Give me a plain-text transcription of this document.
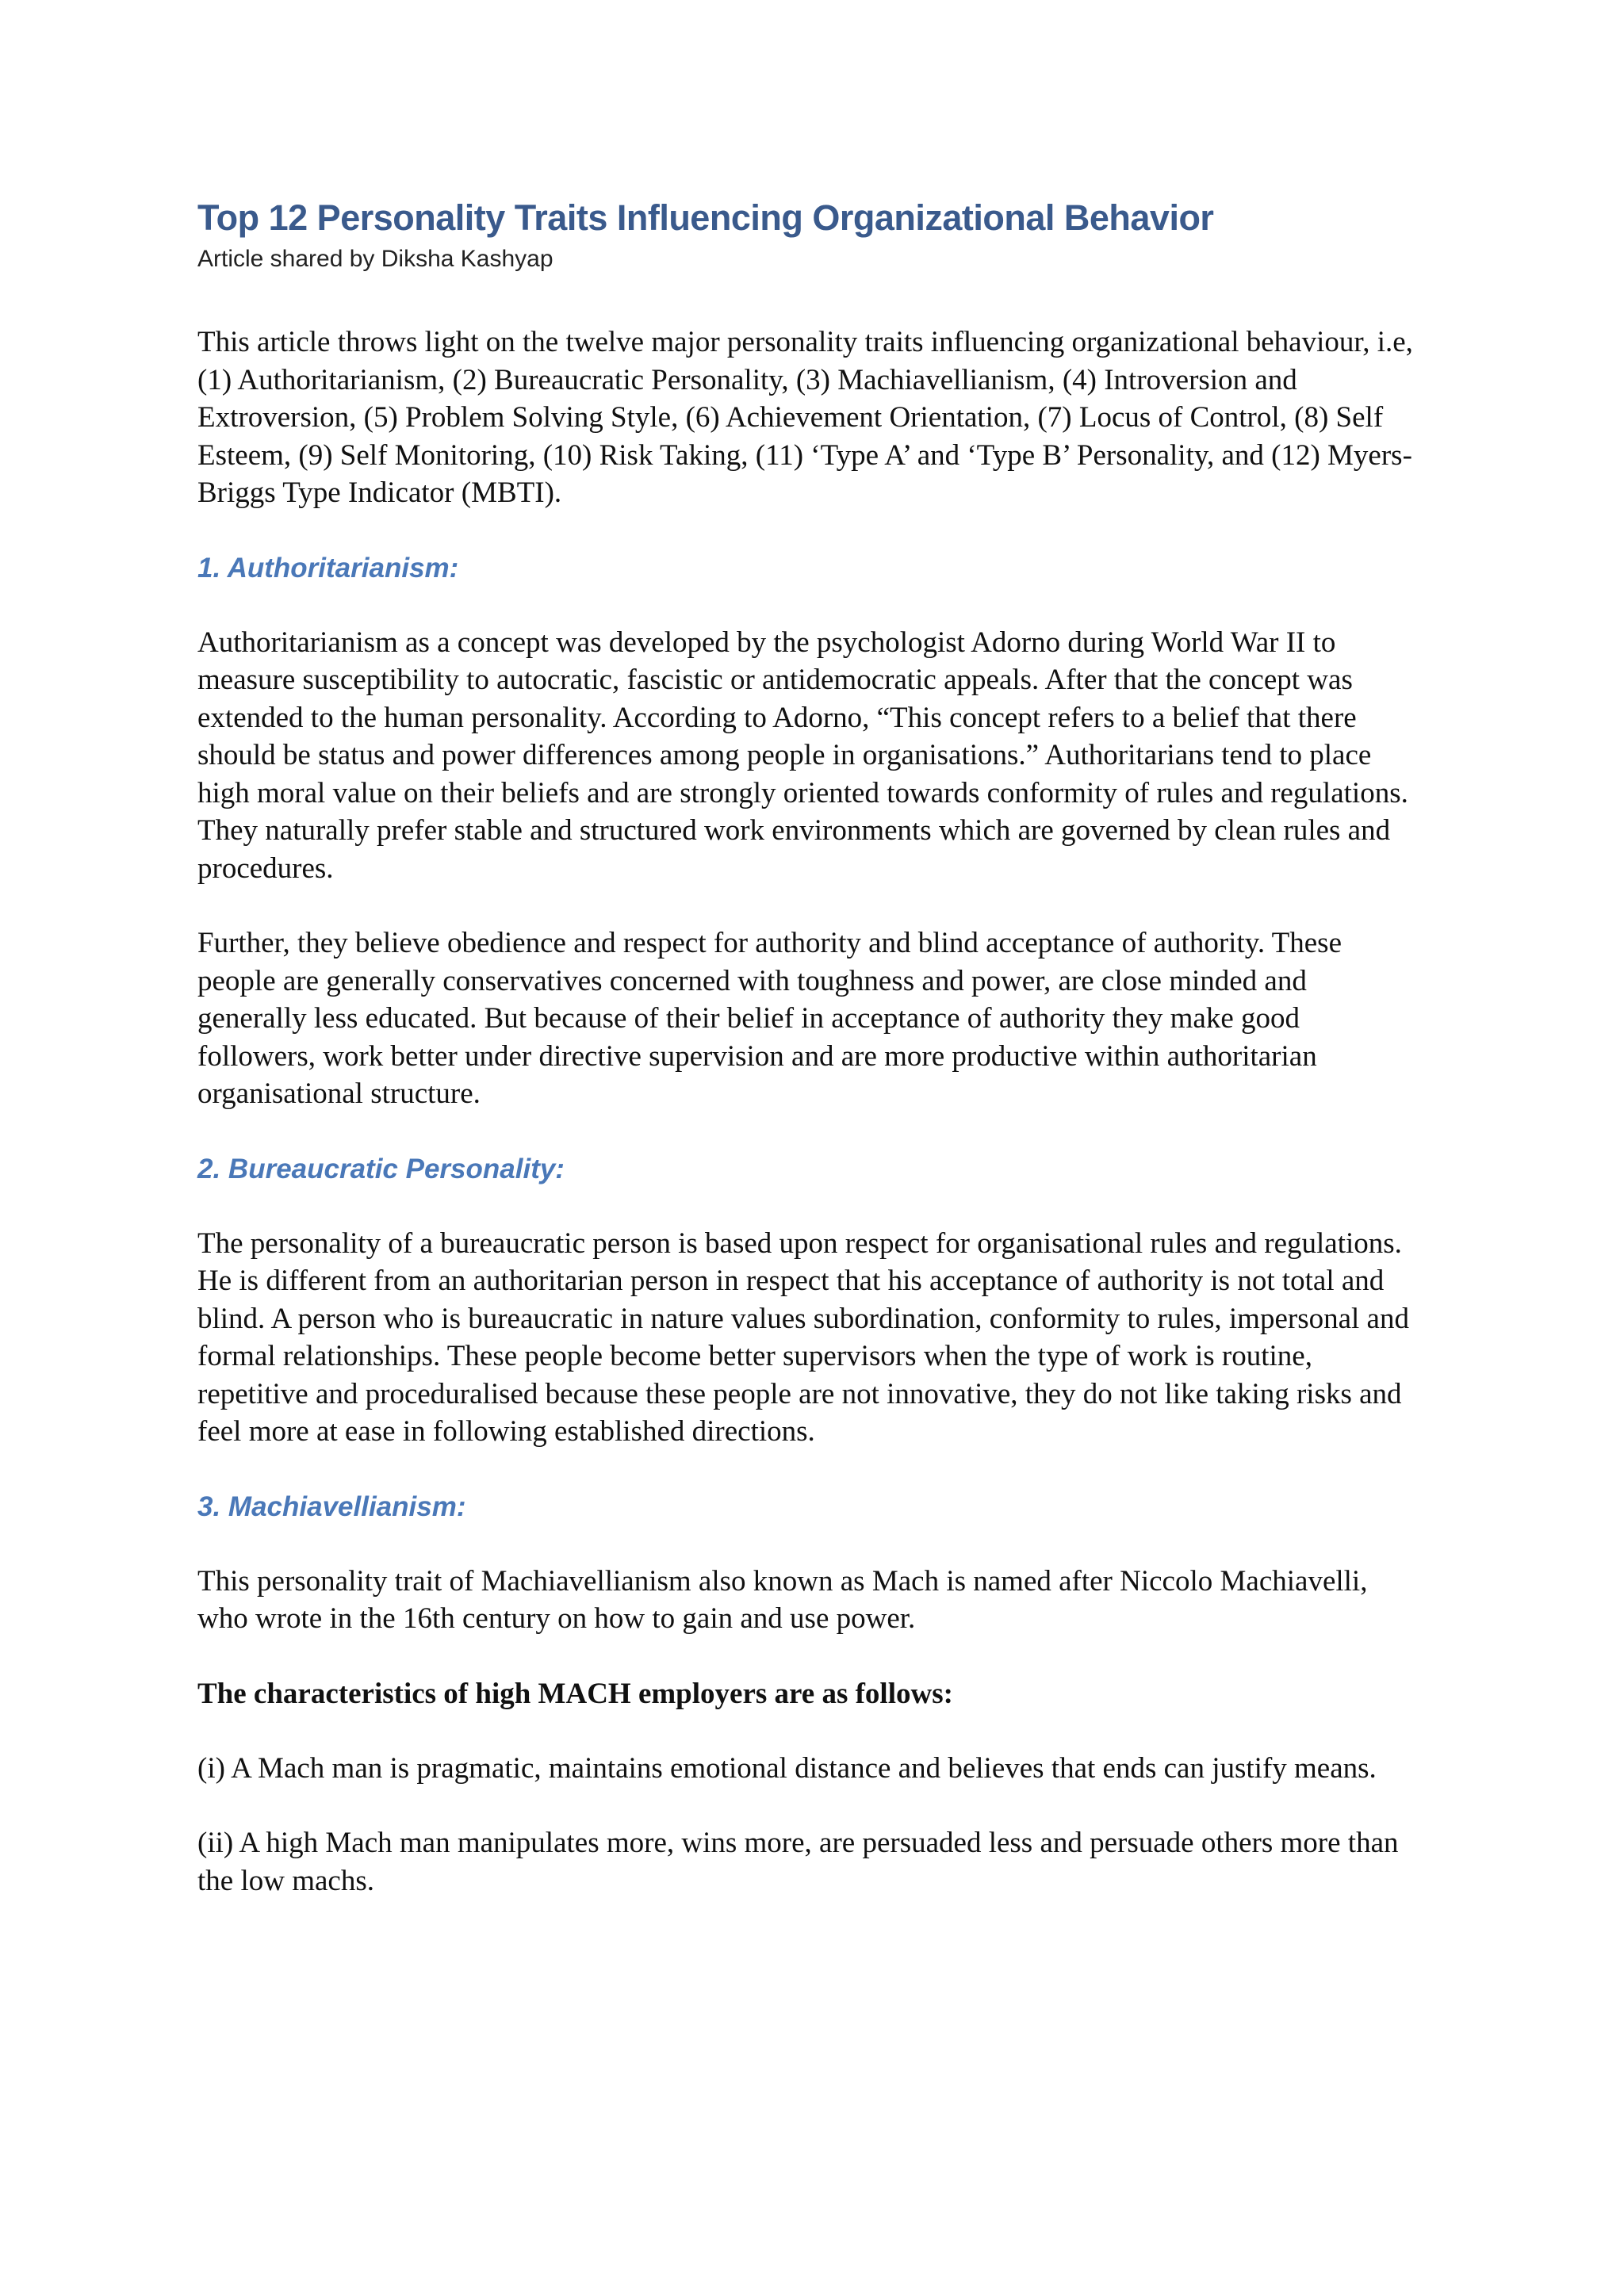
Top 12 Personality Traits Influencing Organizational Behavior
Article shared by Diksha Kashyap

This article throws light on the twelve major personality traits influencing organizational behaviour, i.e, (1) Authoritarianism, (2) Bureaucratic Personality, (3) Machiavellianism, (4) Introversion and Extroversion, (5) Problem Solving Style, (6) Achievement Orientation, (7) Locus of Control, (8) Self Esteem, (9) Self Monitoring, (10) Risk Taking, (11) ‘Type A’ and ‘Type B’ Personality, and (12) Myers-Briggs Type Indicator (MBTI).

1. Authoritarianism:

Authoritarianism as a concept was developed by the psychologist Adorno during World War II to measure susceptibility to autocratic, fascistic or antidemocratic appeals. After that the concept was extended to the human personality. According to Adorno, “This concept refers to a belief that there should be status and power differences among people in organisations.” Authoritarians tend to place high moral value on their beliefs and are strongly oriented towards conformity of rules and regulations. They naturally prefer stable and structured work environments which are governed by clean rules and procedures.

Further, they believe obedience and respect for authority and blind acceptance of authority. These people are generally conservatives concerned with toughness and power, are close minded and generally less educated. But because of their belief in acceptance of authority they make good followers, work better under directive supervision and are more productive within authoritarian organisational structure.

2. Bureaucratic Personality:

The personality of a bureaucratic person is based upon respect for organisational rules and regulations. He is different from an authoritarian person in respect that his acceptance of authority is not total and blind. A person who is bureaucratic in nature values subordination, conformity to rules, impersonal and formal relationships. These people become better supervisors when the type of work is routine, repetitive and proceduralised because these people are not innovative, they do not like taking risks and feel more at ease in following established directions.

3. Machiavellianism:

This personality trait of Machiavellianism also known as Mach is named after Niccolo Machiavelli, who wrote in the 16th century on how to gain and use power.

The characteristics of high MACH employers are as follows:

(i) A Mach man is pragmatic, maintains emotional distance and believes that ends can justify means.

(ii) A high Mach man manipulates more, wins more, are persuaded less and persuade others more than the low machs.
